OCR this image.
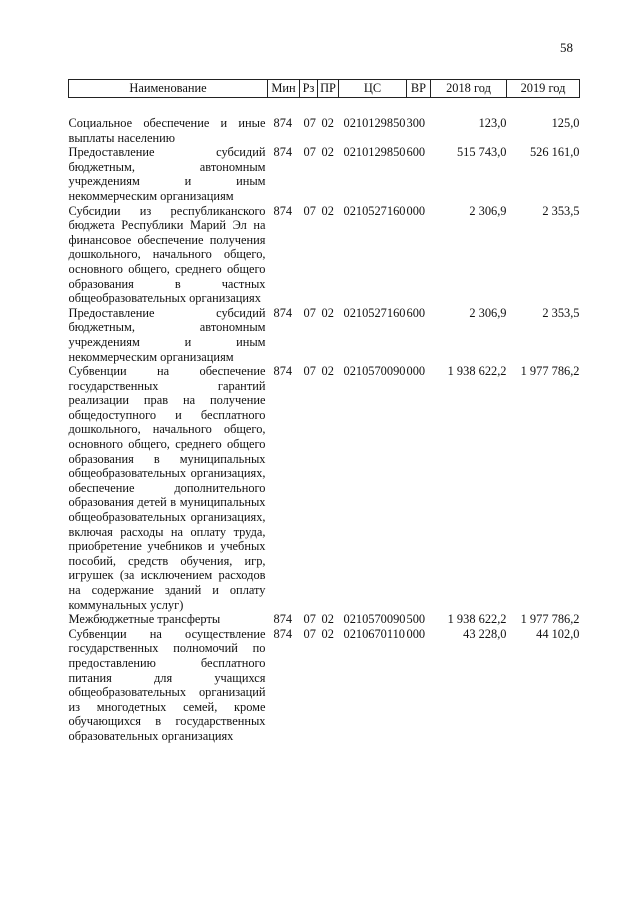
58
Наименование	Мин	Рз	ПР	ЦС	ВР	2018 год	2019 год
Социальное обеспечение и иные выплаты населению	874	07	02	0210129850	300	123,0	125,0
Предоставление субсидий бюджетным, автономным учреждениям и иным некоммерческим организациям	874	07	02	0210129850	600	515 743,0	526 161,0
Субсидии из республиканского бюджета Республики Марий Эл на финансовое обеспечение получения дошкольного, начального общего, основного общего, среднего общего образования в частных общеобразовательных организациях	874	07	02	0210527160	000	2 306,9	2 353,5
Предоставление субсидий бюджетным, автономным учреждениям и иным некоммерческим организациям	874	07	02	0210527160	600	2 306,9	2 353,5
Субвенции на обеспечение государственных гарантий реализации прав на получение общедоступного и бесплатного дошкольного, начального общего, основного общего, среднего общего образования в муниципальных общеобразовательных организациях, обеспечение дополнительного образования детей в муниципальных общеобразовательных организациях, включая расходы на оплату труда, приобретение учебников и учебных пособий, средств обучения, игр, игрушек (за исключением расходов на содержание зданий и оплату коммунальных услуг)	874	07	02	0210570090	000	1 938 622,2	1 977 786,2
Межбюджетные трансферты	874	07	02	0210570090	500	1 938 622,2	1 977 786,2
Субвенции на осуществление государственных полномочий по предоставлению бесплатного питания для учащихся общеобразовательных организаций из многодетных семей, кроме обучающихся в государственных образовательных организациях	874	07	02	0210670110	000	43 228,0	44 102,0
